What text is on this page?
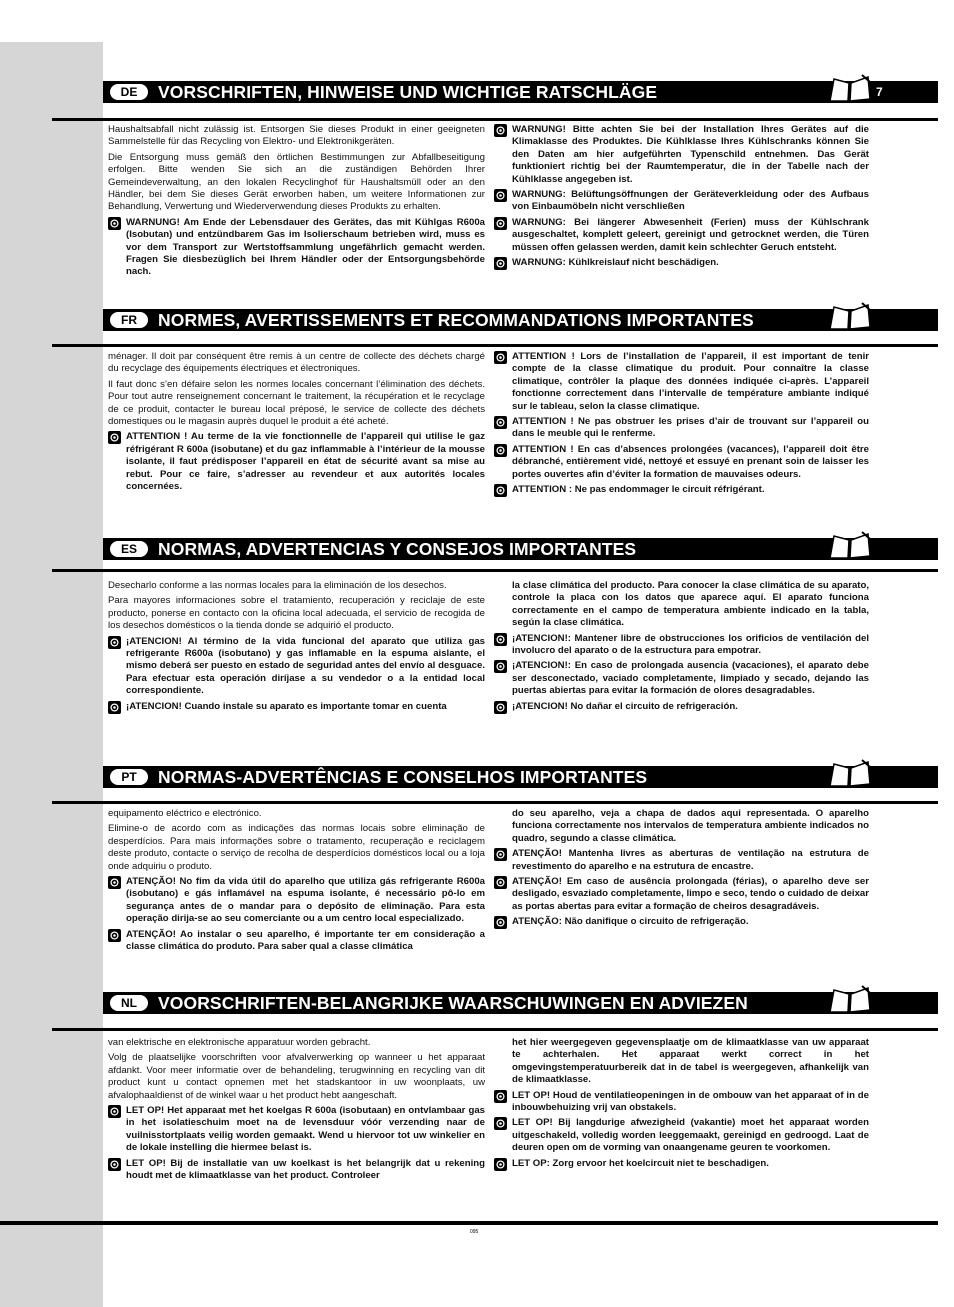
DE	VORSCHRIFTEN, HINWEISE UND WICHTIGE RATSCHLÄGE	7

Haushaltsabfall nicht zulässig ist. Entsorgen Sie dieses Produkt in einer geeigneten Sammelstelle für das Recycling von Elektro- und Elektronikgeräten.

Die Entsorgung muss gemäß den örtlichen Bestimmungen zur Abfallbeseitigung erfolgen. Bitte wenden Sie sich an die zuständigen Behörden Ihrer Gemeindeverwaltung, an den lokalen Recyclinghof für Haushaltsmüll oder an den Händler, bei dem Sie dieses Gerät erworben haben, um weitere Informationen zur Behandlung, Verwertung und Wiederverwendung dieses Produkts zu erhalten.

WARNUNG! Am Ende der Lebensdauer des Gerätes, das mit Kühlgas R600a (Isobutan) und entzündbarem Gas im Isolierschaum betrieben wird, muss es vor dem Transport zur Wertstoffsammlung ungefährlich gemacht werden. Fragen Sie diesbezüglich bei Ihrem Händler oder der Entsorgungsbehörde nach.
WARNUNG! Bitte achten Sie bei der Installation Ihres Gerätes auf die Klimaklasse des Produktes. Die Kühlklasse Ihres Kühlschranks können Sie den Daten am hier aufgeführten Typenschild entnehmen. Das Gerät funktioniert richtig bei der Raumtemperatur, die in der Tabelle nach der Kühlklasse angegeben ist.
WARNUNG: Belüftungsöffnungen der Geräteverkleidung oder des Aufbaus von Einbaumöbeln nicht verschließen
WARNUNG: Bei längerer Abwesenheit (Ferien) muss der Kühlschrank ausgeschaltet, komplett geleert, gereinigt und getrocknet werden, die Türen müssen offen gelassen werden, damit kein schlechter Geruch entsteht.
WARNUNG: Kühlkreislauf nicht beschädigen.
FR	NORMES, AVERTISSEMENTS ET RECOMMANDATIONS IMPORTANTES

ménager. Il doit par conséquent être remis à un centre de collecte des déchets chargé du recyclage des équipements électriques et électroniques.

Il faut donc s’en défaire selon les normes locales concernant l’élimination des déchets. Pour tout autre renseignement concernant le traitement, la récupération et le recyclage de ce produit, contacter le bureau local préposé, le service de collecte des déchets domestiques ou le magasin auprès duquel le produit a été acheté.

ATTENTION ! Au terme de la vie fonctionnelle de l’appareil qui utilise le gaz réfrigérant R 600a (isobutane) et du gaz inflammable à l’intérieur de la mousse isolante, il faut prédisposer l’appareil en état de sécurité avant sa mise au rebut. Pour ce faire, s’adresser au revendeur et aux autorités locales concernées.
ATTENTION ! Lors de l’installation de l’appareil, il est important de tenir compte de la classe climatique du produit. Pour connaître la classe climatique, contrôler la plaque des données indiquée ci-après. L’appareil fonctionne correctement dans l’intervalle de température ambiante indiqué sur le tableau, selon la classe climatique.
ATTENTION ! Ne pas obstruer les prises d’air de trouvant sur l’appareil ou dans le meuble qui le renferme.
ATTENTION ! En cas d’absences prolongées (vacances), l’appareil doit être débranché, entièrement vidé, nettoyé et essuyé en prenant soin de laisser les portes ouvertes afin d’éviter la formation de mauvaises odeurs.
ATTENTION : Ne pas endommager le circuit réfrigérant.
ES	NORMAS, ADVERTENCIAS Y CONSEJOS IMPORTANTES

Desecharlo conforme a las normas locales para la eliminación de los desechos.

Para mayores informaciones sobre el tratamiento, recuperación y reciclaje de este producto, ponerse en contacto con la oficina local adecuada, el servicio de recogida de los desechos domésticos o la tienda donde se adquirió el producto.

¡ATENCION! Al término de la vida funcional del aparato que utiliza gas refrigerante R600a (isobutano) y gas inflamable en la espuma aislante, el mismo deberá ser puesto en estado de seguridad antes del envío al desguace. Para efectuar esta operación diríjase a su vendedor o a la entidad local correspondiente.
¡ATENCION! Cuando instale su aparato es importante tomar en cuenta

la clase climática del producto. Para conocer la clase climática de su aparato, controle la placa con los datos que aparece aquí. El aparato funciona correctamente en el campo de temperatura ambiente indicado en la tabla, según la clase climática.

¡ATENCION!: Mantener libre de obstrucciones los orificios de ventilación del involucro del aparato o de la estructura para empotrar.
¡ATENCION!: En caso de prolongada ausencia (vacaciones), el aparato debe ser desconectado, vaciado completamente, limpiado y secado, dejando las puertas abiertas para evitar la formación de olores desagradables.
¡ATENCION! No dañar el circuito de refrigeración.
PT	NORMAS-ADVERTÊNCIAS E CONSELHOS IMPORTANTES

equipamento eléctrico e electrónico.

Elimine-o de acordo com as indicações das normas locais sobre eliminação de desperdícios. Para mais informações sobre o tratamento, recuperação e reciclagem deste produto, contacte o serviço de recolha de desperdícios domésticos local ou a loja onde adquiriu o produto.

ATENÇÃO! No fim da vida útil do aparelho que utiliza gás refrigerante R600a (isobutano) e gás inflamável na espuma isolante, é necessário pô-lo em segurança antes de o mandar para o depósito de eliminação. Para esta operação dirija-se ao seu comerciante ou a um centro local especializado.
ATENÇÃO! Ao instalar o seu aparelho, é importante ter em consideração a classe climática do produto. Para saber qual a classe climática

do seu aparelho, veja a chapa de dados aqui representada. O aparelho funciona correctamente nos intervalos de temperatura ambiente indicados no quadro, segundo a classe climática.

ATENÇÃO! Mantenha livres as aberturas de ventilação na estrutura de revestimento do aparelho e na estrutura de encastre.
ATENÇÃO! Em caso de ausência prolongada (férias), o aparelho deve ser desligado, esvaziado completamente, limpo e seco, tendo o cuidado de deixar as portas abertas para evitar a formação de cheiros desagradáveis.
ATENÇÃO: Não danifique o circuito de refrigeração.
NL	VOORSCHRIFTEN-BELANGRIJKE WAARSCHUWINGEN EN ADVIEZEN

van elektrische en elektronische apparatuur worden gebracht.

Volg de plaatselijke voorschriften voor afvalverwerking op wanneer u het apparaat afdankt. Voor meer informatie over de behandeling, terugwinning en recycling van dit product kunt u contact opnemen met het stadskantoor in uw woonplaats, uw afvalophaaldienst of de winkel waar u het product hebt aangeschaft.

LET OP! Het apparaat met het koelgas R 600a (isobutaan) en ontvlambaar gas in het isolatieschuim moet na de levensduur vóór verzending naar de vuilnisstortplaats veilig worden gemaakt. Wend u hiervoor tot uw winkelier en de lokale instelling die hiermee belast is.
LET OP! Bij de installatie van uw koelkast is het belangrijk dat u rekening houdt met de klimaatklasse van het product. Controleer

het hier weergegeven gegevensplaatje om de klimaatklasse van uw apparaat te achterhalen. Het apparaat werkt correct in het omgevingstemperatuurbereik dat in de tabel is weergegeven, afhankelijk van de klimaatklasse.

LET OP! Houd de ventilatieopeningen in de ombouw van het apparaat of in de inbouwbehuizing vrij van obstakels.
LET OP! Bij langdurige afwezigheid (vakantie) moet het apparaat worden uitgeschakeld, volledig worden leeggemaakt, gereinigd en gedroogd. Laat de deuren open om de vorming van onaangename geuren te voorkomen.
LET OP: Zorg ervoor het koelcircuit niet te beschadigen.
095
